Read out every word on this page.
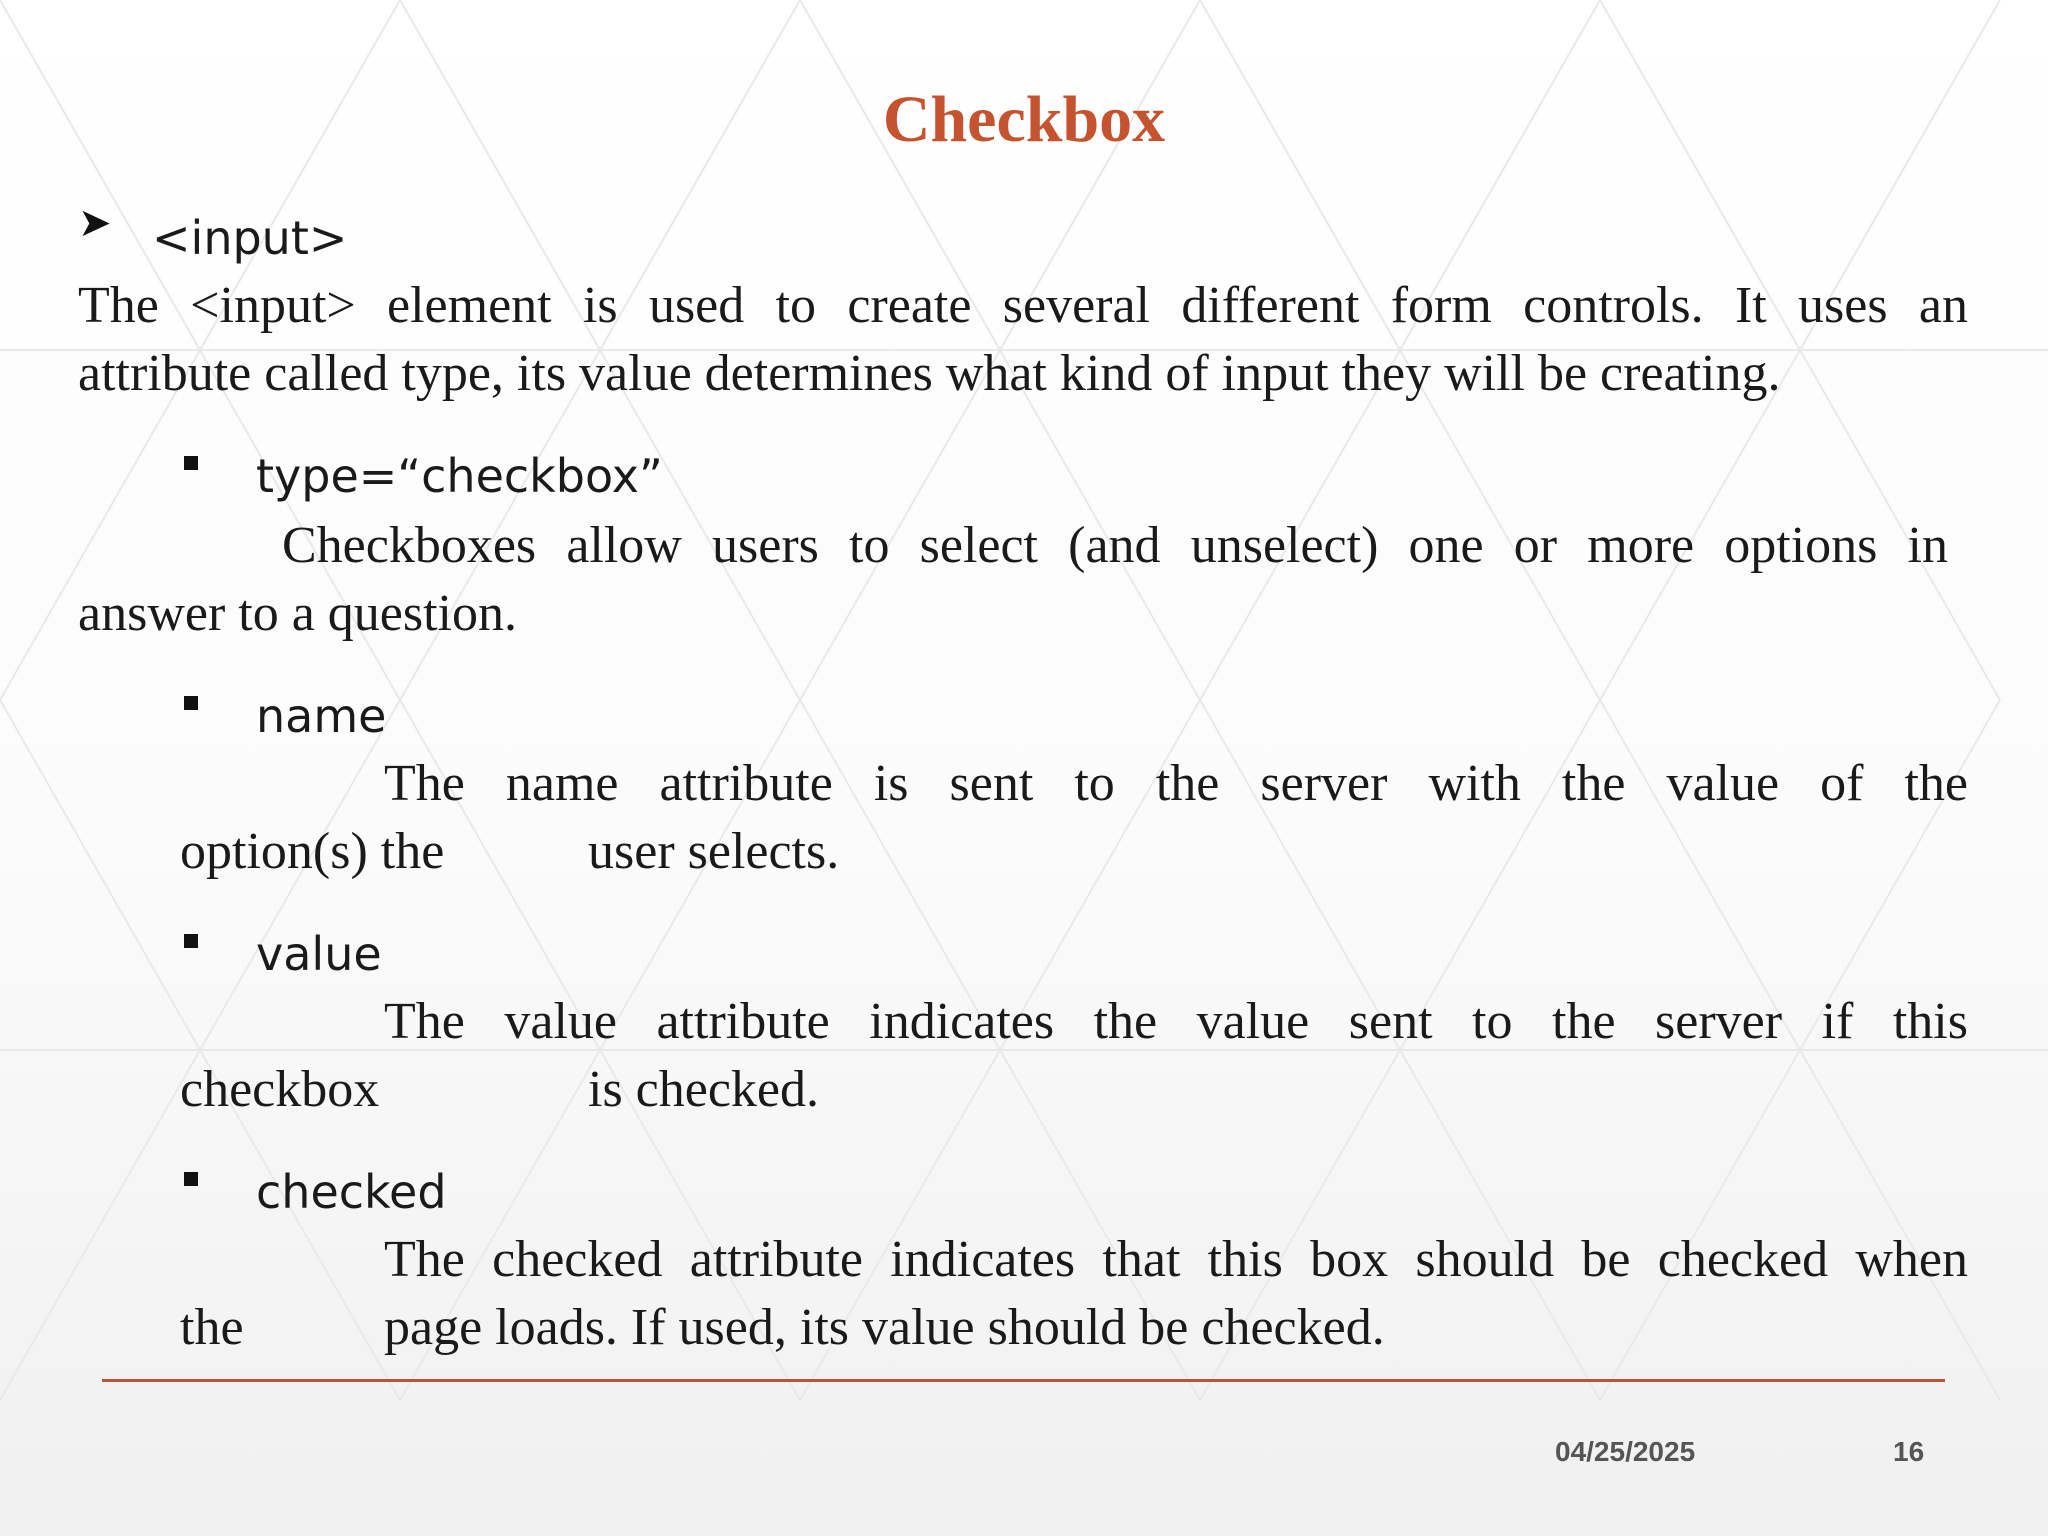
Checkbox
➤ <input>
The <input> element is used to create several different form controls. It uses an
attribute called type, its value determines what kind of input they will be creating.
type=“checkbox”
Checkboxes allow users to select (and unselect) one or more options in
answer to a question.
name
The name attribute is sent to the server with the value of the
option(s) the	user selects.
value
The value attribute indicates the value sent to the server if this
checkbox	is checked.
checked
The checked attribute indicates that this box should be checked when
the	page loads. If used, its value should be checked.
04/25/2025	16
